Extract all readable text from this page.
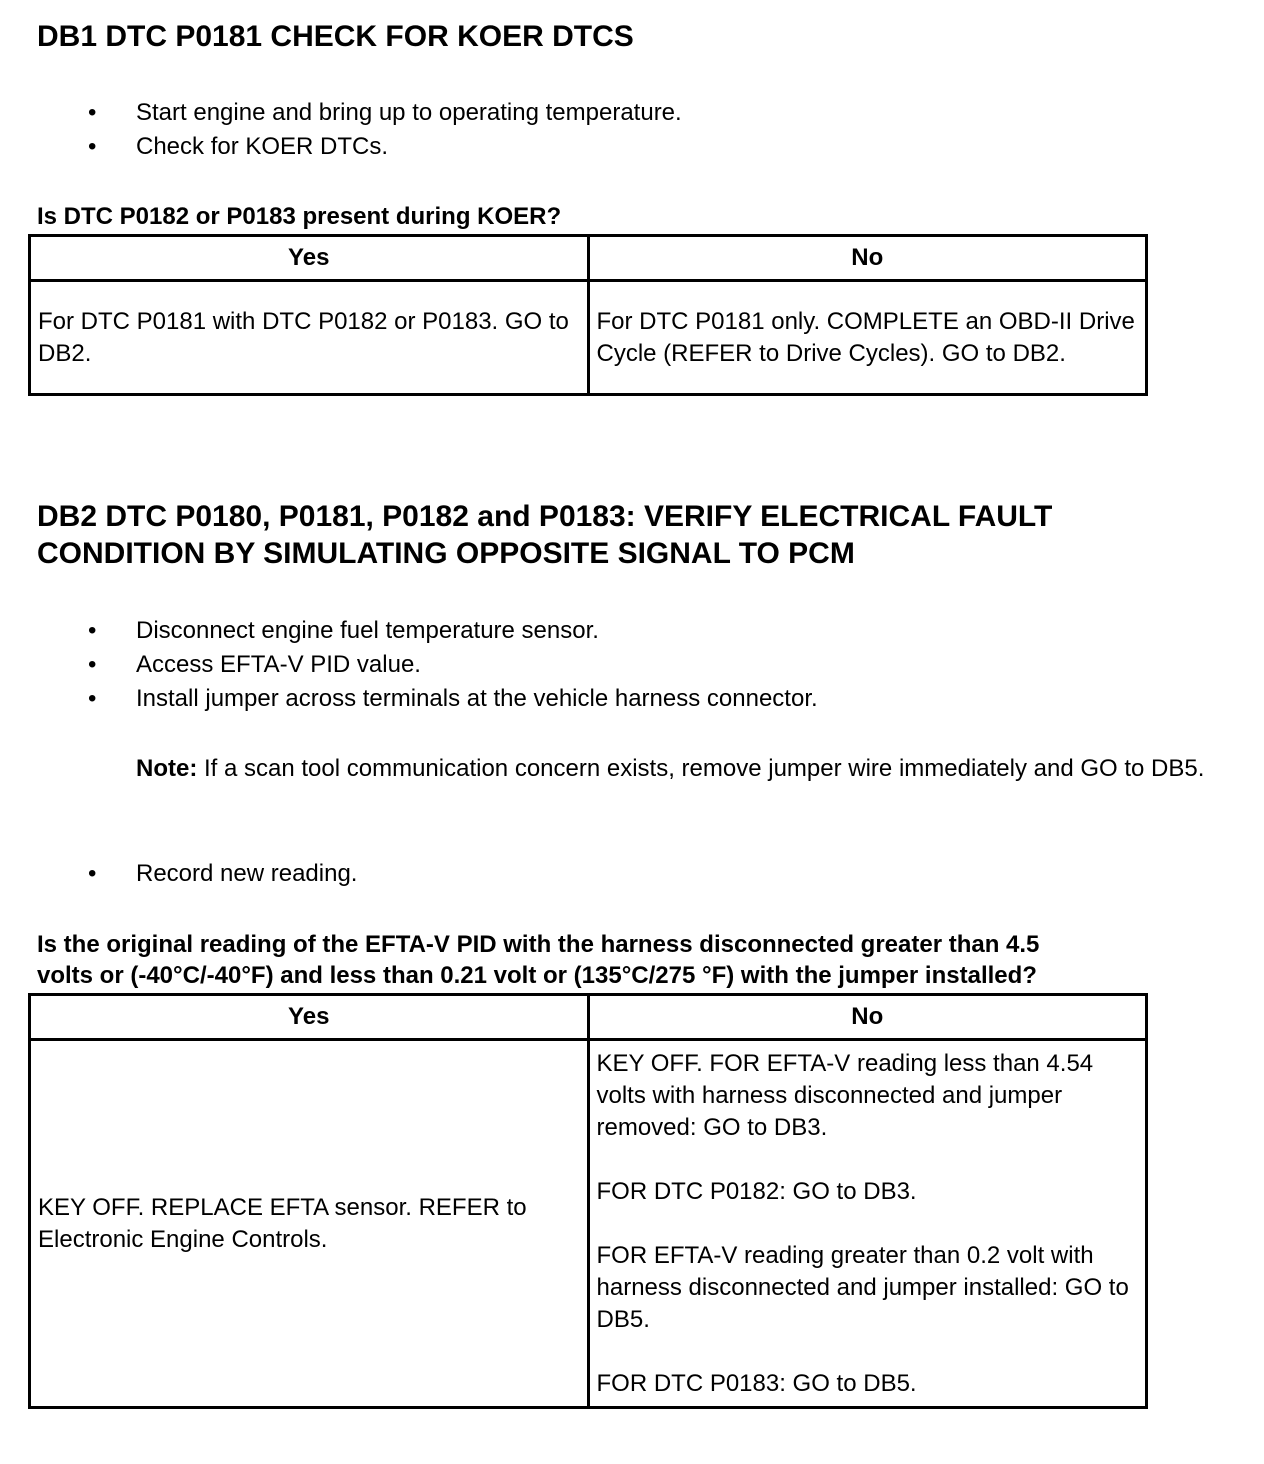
DB1 DTC P0181 CHECK FOR KOER DTCS
• Start engine and bring up to operating temperature.
• Check for KOER DTCs.

Is DTC P0182 or P0183 present during KOER?

Yes	No
For DTC P0181 with DTC P0182 or P0183. GO to DB2.	For DTC P0181 only. COMPLETE an OBD-II Drive Cycle (REFER to Drive Cycles). GO to DB2.
DB2 DTC P0180, P0181, P0182 and P0183: VERIFY ELECTRICAL FAULT
CONDITION BY SIMULATING OPPOSITE SIGNAL TO PCM
• Disconnect engine fuel temperature sensor.
• Access EFTA-V PID value.
• Install jumper across terminals at the vehicle harness connector.

Note: If a scan tool communication concern exists, remove jumper wire immediately and GO to DB5.

• Record new reading.

Is the original reading of the EFTA-V PID with the harness disconnected greater than 4.5
volts or (-40°C/-40°F) and less than 0.21 volt or (135°C/275 °F) with the jumper installed?

Yes	No
KEY OFF. REPLACE EFTA sensor. REFER to Electronic Engine Controls.	KEY OFF. FOR EFTA-V reading less than 4.54 volts with harness disconnected and jumper removed: GO to DB3.
FOR DTC P0182: GO to DB3.
FOR EFTA-V reading greater than 0.2 volt with harness disconnected and jumper installed: GO to DB5.
FOR DTC P0183: GO to DB5.
